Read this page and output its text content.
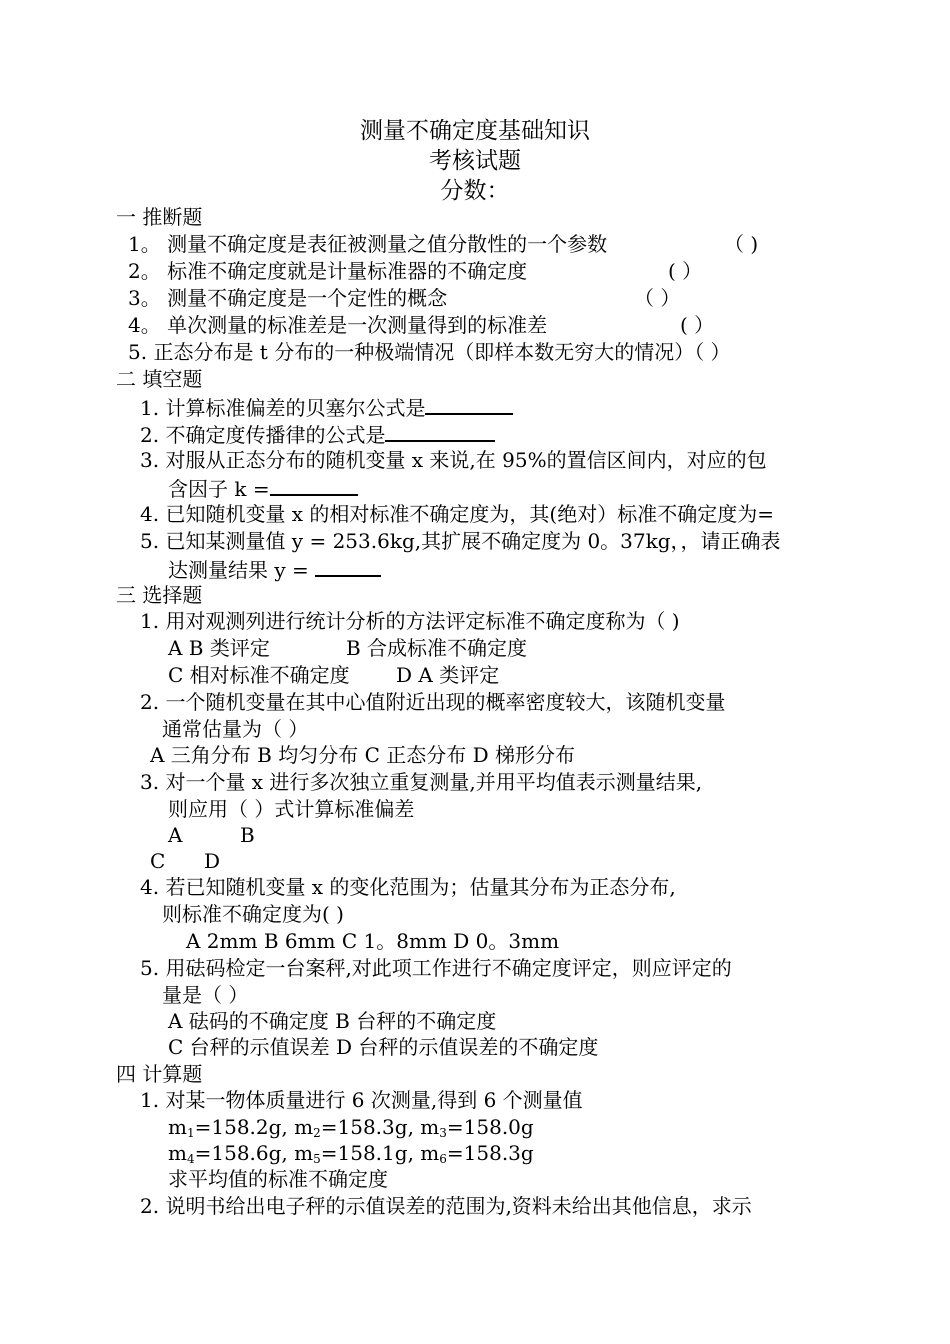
测量不确定度基础知识
考核试题
分数：
一 推断题
1。 测量不确定度是表征被测量之值分散性的一个参数	（ )
2。 标准不确定度就是计量标准器的不确定度	( ）
3。 测量不确定度是一个定性的概念	（ ）
4。 单次测量的标准差是一次测量得到的标准差	( ）
5. 正态分布是 t 分布的一种极端情况（即样本数无穷大的情况）（ ）
二 填空题
1. 计算标准偏差的贝塞尔公式是
2. 不确定度传播律的公式是
3. 对服从正态分布的随机变量 x 来说,在 95%的置信区间内，对应的包
含因子 k =
4. 已知随机变量 x 的相对标准不确定度为，其(绝对）标准不确定度为=
5. 已知某测量值 y = 253.6kg,其扩展不确定度为 0。37kg，，请正确表
达测量结果 y =
三 选择题
1. 用对观测列进行统计分析的方法评定标准不确定度称为（ )
A B 类评定	B 合成标准不确定度
C 相对标准不确定度 D A 类评定
2. 一个随机变量在其中心值附近出现的概率密度较大，该随机变量
通常估量为（ ）
A 三角分布 B 均匀分布 C 正态分布 D 梯形分布
3. 对一个量 x 进行多次独立重复测量,并用平均值表示测量结果,
则应用（ ）式计算标准偏差
A	B
C D
4. 若已知随机变量 x 的变化范围为；估量其分布为正态分布,
则标准不确定度为( )
A 2mm B 6mm C 1。8mm D 0。3mm
5. 用砝码检定一台案秤,对此项工作进行不确定度评定，则应评定的
量是（ ）
A 砝码的不确定度 B 台秤的不确定度
C 台秤的示值误差 D 台秤的示值误差的不确定度
四 计算题
1. 对某一物体质量进行 6 次测量,得到 6 个测量值
$m_1=158.2g$, $m_2=158.3g$, $m_3=158.0g$
$m_4=158.6g$, $m_5=158.1g$, $m_6=158.3g$
求平均值的标准不确定度
2. 说明书给出电子秤的示值误差的范围为,资料未给出其他信息，求示
